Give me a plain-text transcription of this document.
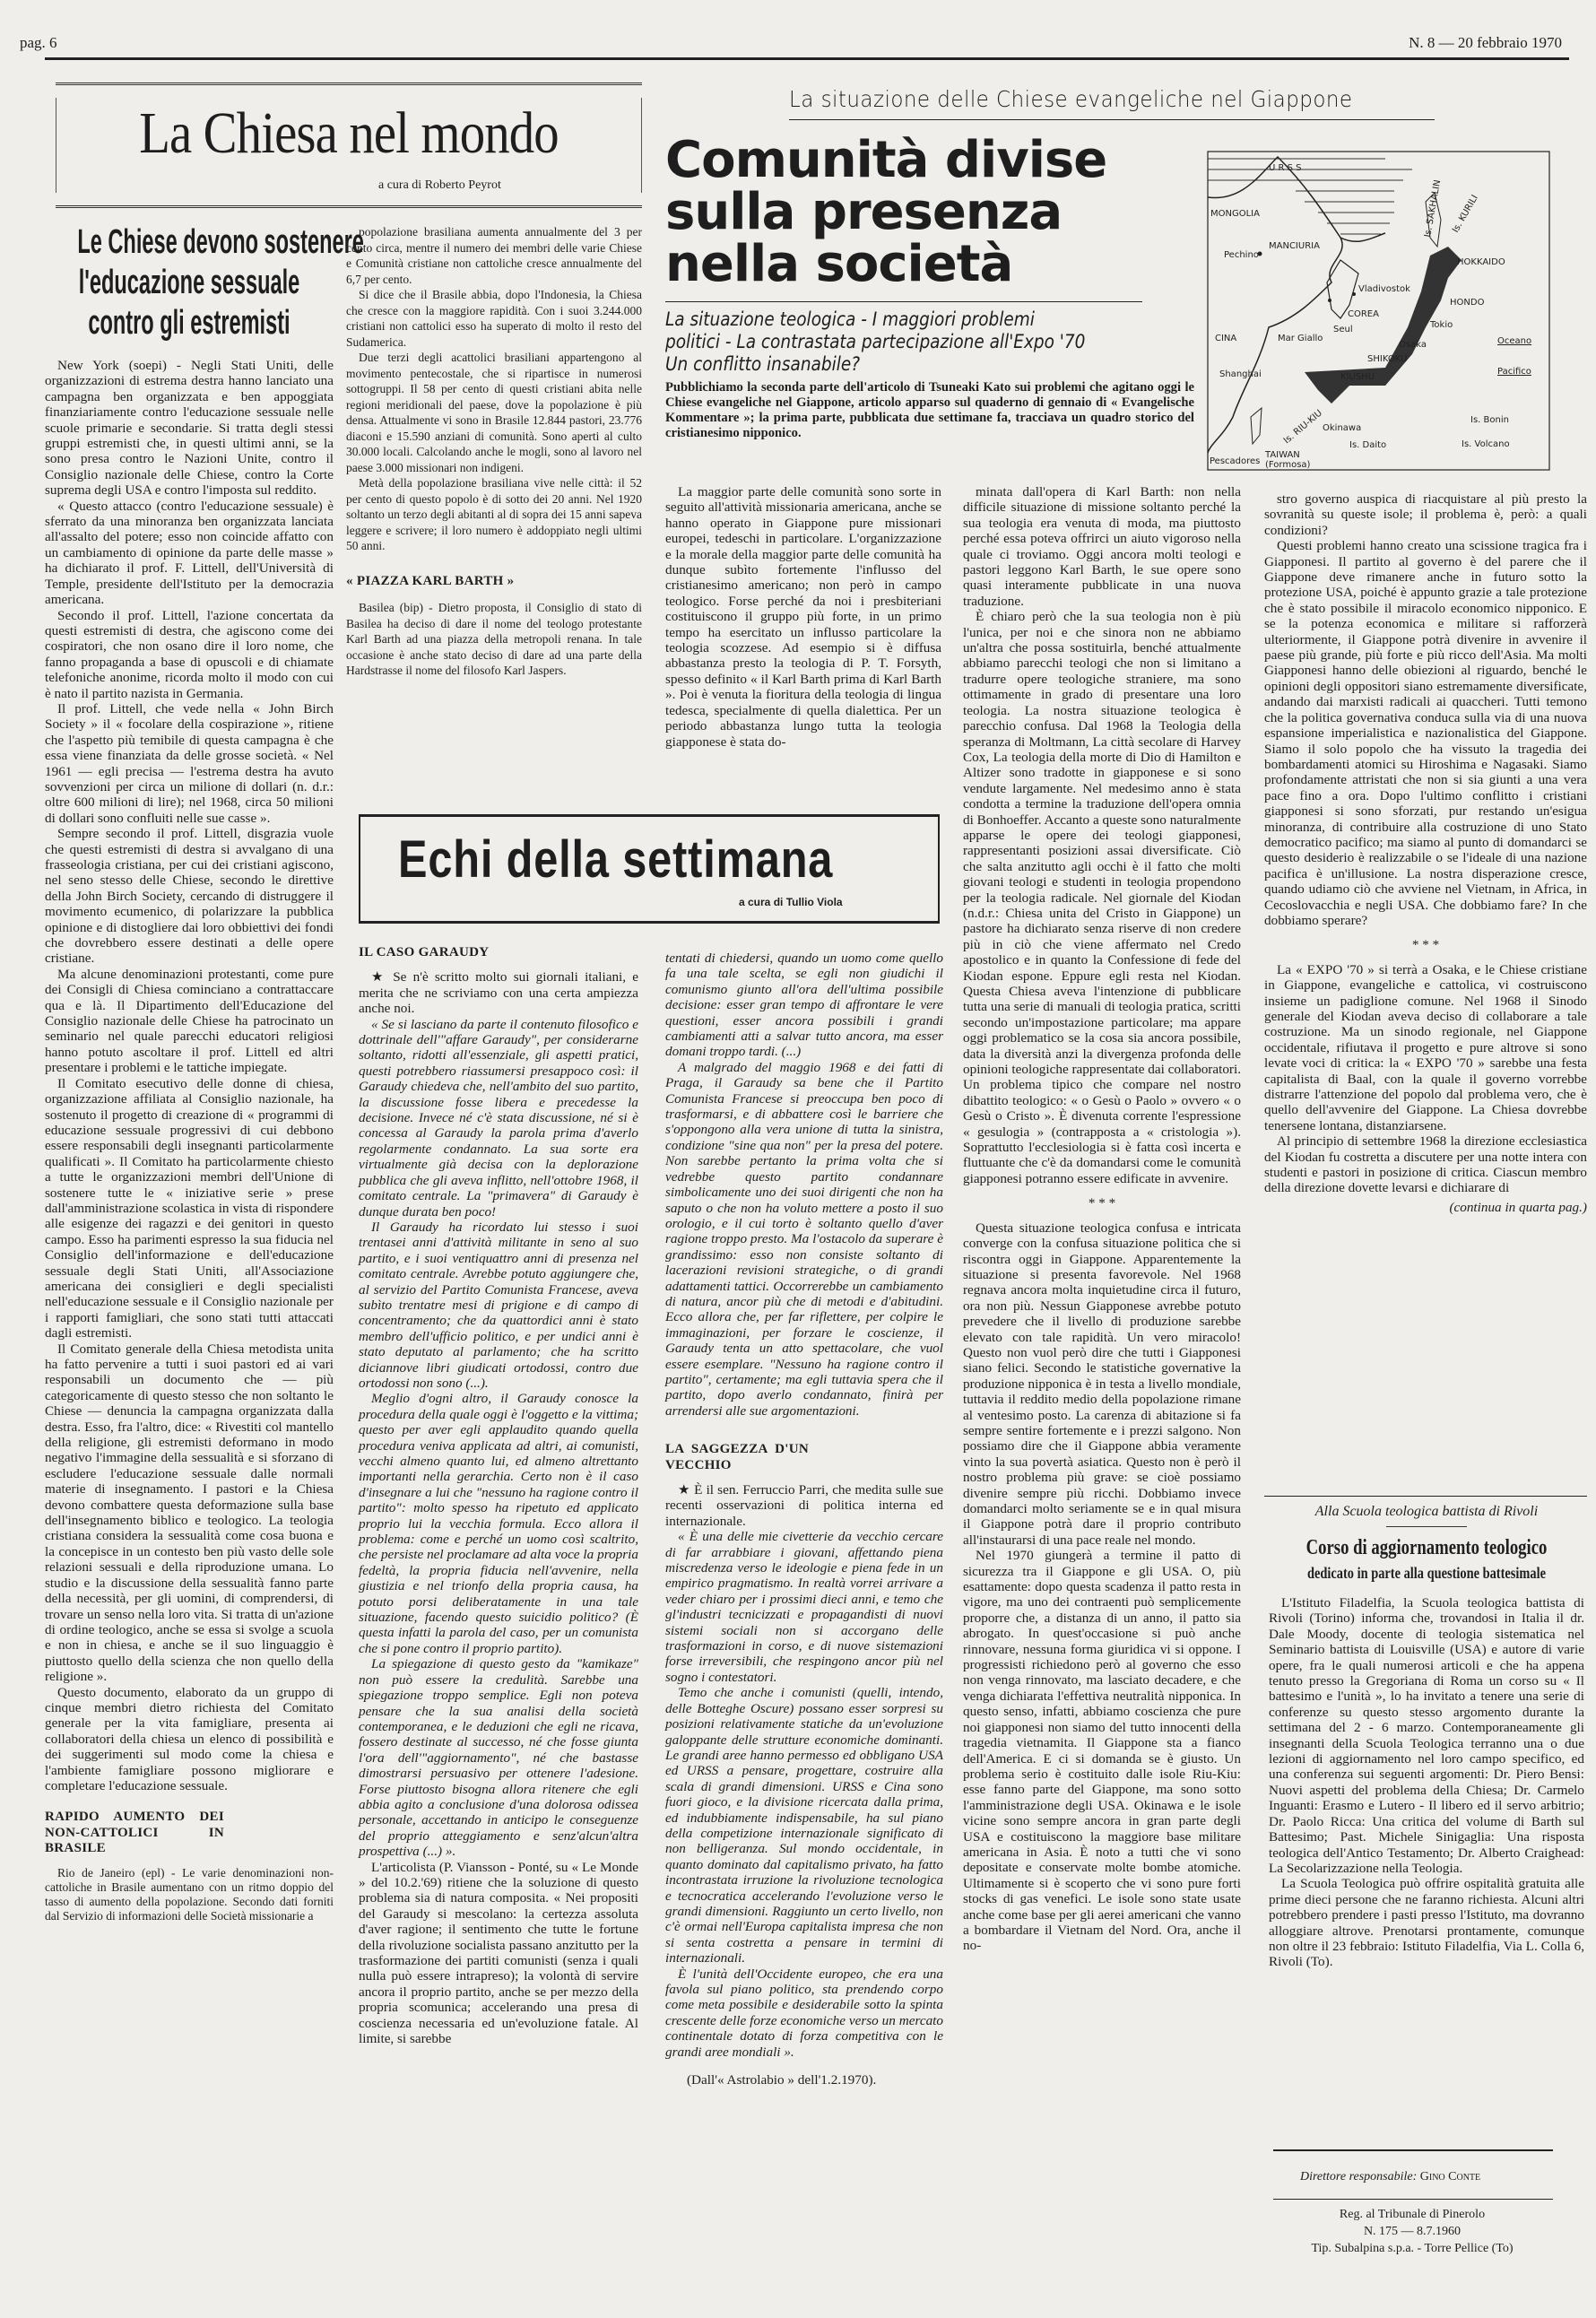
pag. 6	N. 8 — 20 febbraio 1970
La Chiesa nel mondo
a cura di Roberto Peyrot
Le Chiese devono sostenere
l'educazione sessuale
contro gli estremisti

New York (soepi) - Negli Stati Uniti, delle organizzazioni di estrema destra hanno lanciato una campagna ben organizzata e ben appoggiata finanziariamente contro l'educazione sessuale nelle scuole primarie e secondarie. Si tratta degli stessi gruppi estremisti che, in questi ultimi anni, se la sono presa contro le Nazioni Unite, contro il Consiglio nazionale delle Chiese, contro la Corte suprema degli USA e contro l'imposta sul reddito.

« Questo attacco (contro l'educazione sessuale) è sferrato da una minoranza ben organizzata lanciata all'assalto del potere; esso non coincide affatto con un cambiamento di opinione da parte delle masse » ha dichiarato il prof. F. Littell, dell'Università di Temple, presidente dell'Istituto per la democrazia americana.

Secondo il prof. Littell, l'azione concertata da questi estremisti di destra, che agiscono come dei cospiratori, che non osano dire il loro nome, che fanno propaganda a base di opuscoli e di chiamate telefoniche anonime, ricorda molto il modo con cui è nato il partito nazista in Germania.

Il prof. Littell, che vede nella « John Birch Society » il « focolare della cospirazione », ritiene che l'aspetto più temibile di questa campagna è che essa viene finanziata da delle grosse società. « Nel 1961 — egli precisa — l'estrema destra ha avuto sovvenzioni per circa un milione di dollari (n. d.r.: oltre 600 milioni di lire); nel 1968, circa 50 milioni di dollari sono confluiti nelle sue casse ».

Sempre secondo il prof. Littell, disgrazia vuole che questi estremisti di destra si avvalgano di una frasseologia cristiana, per cui dei cristiani agiscono, nel seno stesso delle Chiese, secondo le direttive della John Birch Society, cercando di distruggere il movimento ecumenico, di polarizzare la pubblica opinione e di distogliere dai loro obbiettivi dei fondi che dovrebbero essere destinati a delle opere cristiane.

Ma alcune denominazioni protestanti, come pure dei Consigli di Chiesa cominciano a contrattaccare qua e là. Il Dipartimento dell'Educazione del Consiglio nazionale delle Chiese ha patrocinato un seminario nel quale parecchi educatori religiosi hanno potuto ascoltare il prof. Littell ed altri presentare i problemi e le tattiche impiegate.

Il Comitato esecutivo delle donne di chiesa, organizzazione affiliata al Consiglio nazionale, ha sostenuto il progetto di creazione di « programmi di educazione sessuale progressivi di cui debbono essere responsabili degli insegnanti particolarmente qualificati ». Il Comitato ha particolarmente chiesto a tutte le organizzazioni membri dell'Unione di sostenere tutte le « iniziative serie » prese dall'amministrazione scolastica in vista di rispondere alle esigenze dei ragazzi e dei genitori in questo campo. Esso ha parimenti espresso la sua fiducia nel Consiglio dell'informazione e dell'educazione sessuale degli Stati Uniti, all'Associazione americana dei consiglieri e degli specialisti nell'educazione sessuale e il Consiglio nazionale per i rapporti famigliari, che sono stati tutti attaccati dagli estremisti.

Il Comitato generale della Chiesa metodista unita ha fatto pervenire a tutti i suoi pastori ed ai vari responsabili un documento che — più categoricamente di questo stesso che non soltanto le Chiese — denuncia la campagna organizzata dalla destra. Esso, fra l'altro, dice: « Rivestiti col mantello della religione, gli estremisti deformano in modo negativo l'immagine della sessualità e si sforzano di escludere l'educazione sessuale dalle normali materie di insegnamento. I pastori e la Chiesa devono combattere questa deformazione sulla base dell'insegnamento biblico e teologico. La teologia cristiana considera la sessualità come cosa buona e la concepisce in un contesto ben più vasto delle sole relazioni sessuali e della riproduzione umana. Lo studio e la discussione della sessualità fanno parte della necessità, per gli uomini, di comprendersi, di trovare un senso nella loro vita. Si tratta di un'azione di ordine teologico, anche se essa si svolge a scuola e non in chiesa, e anche se il suo linguaggio è piuttosto quello della scienza che non quello della religione ».

Questo documento, elaborato da un gruppo di cinque membri dietro richiesta del Comitato generale per la vita famigliare, presenta ai collaboratori della chiesa un elenco di possibilità e dei suggerimenti sul modo come la chiesa e l'ambiente famigliare possono migliorare e completare l'educazione sessuale.

RAPIDO AUMENTO DEI NON-CATTOLICI IN BRASILE

Rio de Janeiro (epl) - Le varie denominazioni non-cattoliche in Brasile aumentano con un ritmo doppio del tasso di aumento della popolazione. Secondo dati forniti dal Servizio di informazioni delle Società missionarie a

popolazione brasiliana aumenta annualmente del 3 per cento circa, mentre il numero dei membri delle varie Chiese e Comunità cristiane non cattoliche cresce annualmente del 6,7 per cento.

Si dice che il Brasile abbia, dopo l'Indonesia, la Chiesa che cresce con la maggiore rapidità. Con i suoi 3.244.000 cristiani non cattolici esso ha superato di molto il resto del Sudamerica.

Due terzi degli acattolici brasiliani appartengono al movimento pentecostale, che si ripartisce in numerosi sottogruppi. Il 58 per cento di questi cristiani abita nelle regioni meridionali del paese, dove la popolazione è più densa. Attualmente vi sono in Brasile 12.844 pastori, 23.776 diaconi e 15.590 anziani di comunità. Sono aperti al culto 30.000 locali. Calcolando anche le mogli, sono al lavoro nel paese 3.000 missionari non indigeni.

Metà della popolazione brasiliana vive nelle città: il 52 per cento di questo popolo è di sotto dei 20 anni. Nel 1920 soltanto un terzo degli abitanti al di sopra dei 15 anni sapeva leggere e scrivere; il loro numero è addoppiato negli ultimi 50 anni.

« PIAZZA KARL BARTH »

Basilea (bip) - Dietro proposta, il Consiglio di stato di Basilea ha deciso di dare il nome del teologo protestante Karl Barth ad una piazza della metropoli renana. In tale occasione è anche stato deciso di dare ad una parte della Hardstrasse il nome del filosofo Karl Jaspers.

Echi della settimana
a cura di Tullio Viola
IL CASO GARAUDY

★ Se n'è scritto molto sui giornali italiani, e merita che ne scriviamo con una certa ampiezza anche noi.

« Se si lasciano da parte il contenuto filosofico e dottrinale dell'"affare Garaudy", per considerarne soltanto, ridotti all'essenziale, gli aspetti pratici, questi potrebbero riassumersi presappoco così: il Garaudy chiedeva che, nell'ambito del suo partito, la discussione fosse libera e precedesse la decisione. Invece né c'è stata discussione, né si è concessa al Garaudy la parola prima d'averlo regolarmente condannato. La sua sorte era virtualmente già decisa con la deplorazione pubblica che gli aveva inflitto, nell'ottobre 1968, il comitato centrale. La "primavera" di Garaudy è dunque durata ben poco!

Il Garaudy ha ricordato lui stesso i suoi trentasei anni d'attività militante in seno al suo partito, e i suoi ventiquattro anni di presenza nel comitato centrale. Avrebbe potuto aggiungere che, al servizio del Partito Comunista Francese, aveva subìto trentatre mesi di prigione e di campo di concentramento; che da quattordici anni è stato membro dell'ufficio politico, e per undici anni è stato deputato al parlamento; che ha scritto diciannove libri giudicati ortodossi, contro due ortodossi non sono (...).

Meglio d'ogni altro, il Garaudy conosce la procedura della quale oggi è l'oggetto e la vittima; questo per aver egli applaudito quando quella procedura veniva applicata ad altri, ai comunisti, vecchi almeno quanto lui, ed almeno altrettanto importanti nella gerarchia. Certo non è il caso d'insegnare a lui che "nessuno ha ragione contro il partito": molto spesso ha ripetuto ed applicato proprio lui la vecchia formula. Ecco allora il problema: come e perché un uomo così scaltrito, che persiste nel proclamare ad alta voce la propria fedeltà, la propria fiducia nell'avvenire, nella giustizia e nel trionfo della propria causa, ha potuto porsi deliberatamente in una tale situazione, facendo questo suicidio politico? (È questa infatti la parola del caso, per un comunista che si pone contro il proprio partito).

La spiegazione di questo gesto da "kamikaze" non può essere la credulità. Sarebbe una spiegazione troppo semplice. Egli non poteva pensare che la sua analisi della società contemporanea, e le deduzioni che egli ne ricava, fossero destinate al successo, né che fosse giunta l'ora dell'"aggiornamento", né che bastasse dimostrarsi persuasivo per ottenere l'adesione. Forse piuttosto bisogna allora ritenere che egli abbia agito a conclusione d'una dolorosa odissea personale, accettando in anticipo le conseguenze del proprio atteggiamento e senz'alcun'altra prospettiva (...) ».

L'articolista (P. Viansson - Ponté, su « Le Monde » del 10.2.'69) ritiene che la soluzione di questo problema sia di natura composita. « Nei propositi del Garaudy si mescolano: la certezza assoluta d'aver ragione; il sentimento che tutte le fortune della rivoluzione socialista passano anzitutto per la trasformazione dei partiti comunisti (senza i quali nulla può essere intrapreso); la volontà di servire ancora il proprio partito, anche se per mezzo della propria scomunica; accelerando una presa di coscienza necessaria ed un'evoluzione fatale. Al limite, si sarebbe

tentati di chiedersi, quando un uomo come quello fa una tale scelta, se egli non giudichi il comunismo giunto all'ora dell'ultima possibile decisione: esser gran tempo di affrontare le vere questioni, esser ancora possibili i grandi cambiamenti atti a salvar tutto ancora, ma esser domani troppo tardi. (...)

A malgrado del maggio 1968 e dei fatti di Praga, il Garaudy sa bene che il Partito Comunista Francese si preoccupa ben poco di trasformarsi, e di abbattere così le barriere che s'oppongono alla vera unione di tutta la sinistra, condizione "sine qua non" per la presa del potere. Non sarebbe pertanto la prima volta che si vedrebbe questo partito condannare simbolicamente uno dei suoi dirigenti che non ha saputo o che non ha voluto mettere a posto il suo orologio, e il cui torto è soltanto quello d'aver ragione troppo presto. Ma l'ostacolo da superare è grandissimo: esso non consiste soltanto di lacerazioni revisioni strategiche, o di grandi adattamenti tattici. Occorrerebbe un cambiamento di natura, ancor più che di metodi e d'abitudini. Ecco allora che, per far riflettere, per colpire le immaginazioni, per forzare le coscienze, il Garaudy tenta un atto spettacolare, che vuol essere esemplare. "Nessuno ha ragione contro il partito", certamente; ma egli tuttavia spera che il partito, dopo averlo condannato, finirà per arrendersi alle sue argomentazioni.

LA SAGGEZZA D'UN VECCHIO

★ È il sen. Ferruccio Parri, che medita sulle sue recenti osservazioni di politica interna ed internazionale.

« È una delle mie civetterie da vecchio cercare di far arrabbiare i giovani, affettando piena miscredenza verso le ideologie e piena fede in un empirico pragmatismo. In realtà vorrei arrivare a veder chiaro per i prossimi dieci anni, e temo che gl'industri tecnicizzati e propagandisti di nuovi sistemi sociali non si accorgano delle trasformazioni in corso, e di nuove sistemazioni forse irreversibili, che respingono ancor più nel sogno i contestatori.

Temo che anche i comunisti (quelli, intendo, delle Botteghe Oscure) possano esser sorpresi su posizioni relativamente statiche da un'evoluzione galoppante delle strutture economiche dominanti. Le grandi aree hanno permesso ed obbligano USA ed URSS a pensare, progettare, costruire alla scala di grandi dimensioni. URSS e Cina sono fuori gioco, e la divisione ricercata dalla prima, ed indubbiamente indispensabile, ha sul piano della competizione internazionale significato di non belligeranza. Sul mondo occidentale, in quanto dominato dal capitalismo privato, ha fatto incontrastata irruzione la rivoluzione tecnologica e tecnocratica accelerando l'evoluzione verso le grandi dimensioni. Raggiunto un certo livello, non c'è ormai nell'Europa capitalista impresa che non si senta costretta a pensare in termini di internazionali.

È l'unità dell'Occidente europeo, che era una favola sul piano politico, sta prendendo corpo come meta possibile e desiderabile sotto la spinta crescente delle forze economiche verso un mercato continentale dotato di forza competitiva con le grandi aree mondiali ».

(Dall'« Astrolabio » dell'1.2.1970).

La situazione delle Chiese evangeliche nel Giappone
Comunità divise
sulla presenza
nella società
La situazione teologica - I maggiori problemi politici - La contrastata partecipazione all'Expo '70 Un conflitto insanabile?
Pubblichiamo la seconda parte dell'articolo di Tsuneaki Kato sui problemi che agitano oggi le Chiese evangeliche nel Giappone, articolo apparso sul quaderno di gennaio di « Evangelische Kommentare »; la prima parte, pubblicata due settimane fa, tracciava un quadro storico del cristianesimo nipponico.
MONGOLIA
U R S S
MANCIURIA
CINA
COREA
Seul
Mar Giallo
Vladivostok
Pechino
Shanghai
HOKKAIDO
HONDO
Tokio
Osaka
SHIKOKU
KIUSHU
Is. SAKHALIN Is. KURILI
Oceano
Pacifico
Is. RIU-KIU
Okinawa
Is. Daito
Is. Bonin
Is. Volcano
TAIWAN
(Formosa)
Pescadores

La maggior parte delle comunità sono sorte in seguito all'attività missionaria americana, anche se hanno operato in Giappone pure missionari europei, tedeschi in particolare. L'organizzazione e la morale della maggior parte delle comunità ha dunque subìto fortemente l'influsso del cristianesimo americano; non però in campo teologico. Forse perché da noi i presbiteriani costituiscono il gruppo più forte, in un primo tempo ha esercitato un influsso particolare la teologia scozzese. Ad esempio si è diffusa abbastanza presto la teologia di P. T. Forsyth, spesso definito « il Karl Barth prima di Karl Barth ». Poi è venuta la fioritura della teologia di lingua tedesca, specialmente di quella dialettica. Per un periodo abbastanza lungo tutta la teologia giapponese è stata do-

minata dall'opera di Karl Barth: non nella difficile situazione di missione soltanto perché la sua teologia era venuta di moda, ma piuttosto perché essa poteva offrirci un aiuto vigoroso nella quale ci troviamo. Oggi ancora molti teologi e pastori leggono Karl Barth, le sue opere sono quasi interamente pubblicate in una nuova traduzione.

È chiaro però che la sua teologia non è più l'unica, per noi e che sinora non ne abbiamo un'altra che possa sostituirla, benché attualmente abbiamo parecchi teologi che non si limitano a tradurre opere teologiche straniere, ma sono ottimamente in grado di presentare una loro teologia. La nostra situazione teologica è parecchio confusa. Dal 1968 la Teologia della speranza di Moltmann, La città secolare di Harvey Cox, La teologia della morte di Dio di Hamilton e Altizer sono tradotte in giapponese e si sono vendute largamente. Nel medesimo anno è stata condotta a termine la traduzione dell'opera omnia di Bonhoeffer. Accanto a queste sono naturalmente apparse le opere dei teologi giapponesi, rappresentanti posizioni assai diversificate. Ciò che salta anzitutto agli occhi è il fatto che molti giovani teologi e studenti in teologia propendono per la teologia radicale. Nel giornale del Kiodan (n.d.r.: Chiesa unita del Cristo in Giappone) un pastore ha dichiarato senza riserve di non credere più in ciò che viene affermato nel Credo apostolico e in quanto la Confessione di fede del Kiodan espone. Eppure egli resta nel Kiodan. Questa Chiesa aveva l'intenzione di pubblicare tutta una serie di manuali di teologia pratica, scritti secondo un'impostazione particolare; ma appare oggi problematico se la cosa sia ancora possibile, data la diversità anzi la divergenza profonda delle opinioni teologiche rappresentate dai collaboratori. Un problema tipico che compare nel nostro dibattito teologico: « o Gesù o Paolo » ovvero « o Gesù o Cristo ». È divenuta corrente l'espressione « gesulogia » (contrapposta a « cristologia »). Soprattutto l'ecclesiologia si è fatta così incerta e fluttuante che c'è da domandarsi come le comunità giapponesi potranno essere edificate in avvenire.

* * *

Questa situazione teologica confusa e intricata converge con la confusa situazione politica che si riscontra oggi in Giappone. Apparentemente la situazione si presenta favorevole. Nel 1968 regnava ancora molta inquietudine circa il futuro, ora non più. Nessun Giapponese avrebbe potuto prevedere che il livello di produzione sarebbe elevato con tale rapidità. Un vero miracolo! Questo non vuol però dire che tutti i Giapponesi siano felici. Secondo le statistiche governative la produzione nipponica è in testa a livello mondiale, tuttavia il reddito medio della popolazione rimane al ventesimo posto. La carenza di abitazione si fa sempre sentire fortemente e i prezzi salgono. Non possiamo dire che il Giappone abbia veramente vinto la sua povertà asiatica. Questo non è però il nostro problema più grave: se cioè possiamo divenire sempre più ricchi. Dobbiamo invece domandarci molto seriamente se e in qual misura il Giappone potrà dare il proprio contributo all'instaurarsi di una pace reale nel mondo.

Nel 1970 giungerà a termine il patto di sicurezza tra il Giappone e gli USA. O, più esattamente: dopo questa scadenza il patto resta in vigore, ma uno dei contraenti può semplicemente proporre che, a distanza di un anno, il patto sia abrogato. In quest'occasione si può anche rinnovare, nessuna forma giuridica vi si oppone. I progressisti richiedono però al governo che esso non venga rinnovato, ma lasciato decadere, e che venga dichiarata l'effettiva neutralità nipponica. In questo senso, infatti, abbiamo coscienza che pure noi giapponesi non siamo del tutto innocenti della tragedia vietnamita. Il Giappone sta a fianco dell'America. E ci si domanda se è giusto. Un problema serio è costituito dalle isole Riu-Kiu: esse fanno parte del Giappone, ma sono sotto l'amministrazione degli USA. Okinawa e le isole vicine sono sempre ancora in gran parte degli USA e costituiscono la maggiore base militare americana in Asia. È noto a tutti che vi sono depositate e conservate molte bombe atomiche. Ultimamente si è scoperto che vi sono pure forti stocks di gas venefici. Le isole sono state usate anche come base per gli aerei americani che vanno a bombardare il Vietnam del Nord. Ora, anche il no-

stro governo auspica di riacquistare al più presto la sovranità su queste isole; il problema è, però: a quali condizioni?

Questi problemi hanno creato una scissione tragica fra i Giapponesi. Il partito al governo è del parere che il Giappone deve rimanere anche in futuro sotto la protezione USA, poiché è appunto grazie a tale protezione che è stato possibile il miracolo economico nipponico. E se la potenza economica e militare si rafforzerà ulteriormente, il Giappone potrà divenire in avvenire il paese più grande, più forte e più ricco dell'Asia. Ma molti Giapponesi hanno delle obiezioni al riguardo, benché le opinioni degli oppositori siano estremamente diversificate, andando dai marxisti radicali ai quaccheri. Tutti temono che la politica governativa conduca sulla via di una nuova espansione imperialistica e nazionalistica del Giappone. Siamo il solo popolo che ha vissuto la tragedia dei bombardamenti atomici su Hiroshima e Nagasaki. Siamo profondamente attristati che non si sia giunti a una vera pace fino a ora. Dopo l'ultimo conflitto i cristiani giapponesi si sono sforzati, pur restando un'esigua minoranza, di contribuire alla costruzione di uno Stato democratico pacifico; ma siamo al punto di domandarci se questo desiderio è realizzabile o se l'ideale di una nazione pacifica è un'illusione. La nostra disperazione cresce, quando udiamo ciò che avviene nel Vietnam, in Africa, in Cecoslovacchia e negli USA. Che dobbiamo fare? In che dobbiamo sperare?

* * *

La « EXPO '70 » si terrà a Osaka, e le Chiese cristiane in Giappone, evangeliche e cattolica, vi costruiscono insieme un padiglione comune. Nel 1968 il Sinodo generale del Kiodan aveva deciso di collaborare a tale costruzione. Ma un sinodo regionale, nel Giappone occidentale, rifiutava il progetto e pure altrove si sono levate voci di critica: la « EXPO '70 » sarebbe una festa capitalista di Baal, con la quale il governo vorrebbe distrarre l'attenzione del popolo dal problema vero, che è quello dell'avvenire del Giappone. La Chiesa dovrebbe tenersene lontana, distanziarsene.

Al principio di settembre 1968 la direzione ecclesiastica del Kiodan fu costretta a discutere per una notte intera con studenti e pastori in posizione di critica. Ciascun membro della direzione dovette levarsi e dichiarare di

(continua in quarta pag.)

Alla Scuola teologica battista di Rivoli
Corso di aggiornamento teologico
dedicato in parte alla questione battesimale

L'Istituto Filadelfia, la Scuola teologica battista di Rivoli (Torino) informa che, trovandosi in Italia il dr. Dale Moody, docente di teologia sistematica nel Seminario battista di Louisville (USA) e autore di varie opere, fra le quali numerosi articoli e che ha appena tenuto presso la Gregoriana di Roma un corso su « Il battesimo e l'unità », lo ha invitato a tenere una serie di conferenze su questo stesso argomento durante la settimana del 2 - 6 marzo. Contemporaneamente gli insegnanti della Scuola Teologica terranno una o due lezioni di aggiornamento nel loro campo specifico, ed una conferenza sui seguenti argomenti: Dr. Piero Bensi: Nuovi aspetti del problema della Chiesa; Dr. Carmelo Inguanti: Erasmo e Lutero - Il libero ed il servo arbitrio; Dr. Paolo Ricca: Una critica del volume di Barth sul Battesimo; Past. Michele Sinigaglia: Una risposta teologica dell'Antico Testamento; Dr. Alberto Craighead: La Secolarizzazione nella Teologia.

La Scuola Teologica può offrire ospitalità gratuita alle prime dieci persone che ne faranno richiesta. Alcuni altri potrebbero prendere i pasti presso l'Istituto, ma dovranno alloggiare altrove. Prenotarsi prontamente, comunque non oltre il 23 febbraio: Istituto Filadelfia, Via L. Colla 6, Rivoli (To).

Direttore responsabile: Gino Conte
Reg. al Tribunale di Pinerolo
N. 175 — 8.7.1960
Tip. Subalpina s.p.a. - Torre Pellice (To)
